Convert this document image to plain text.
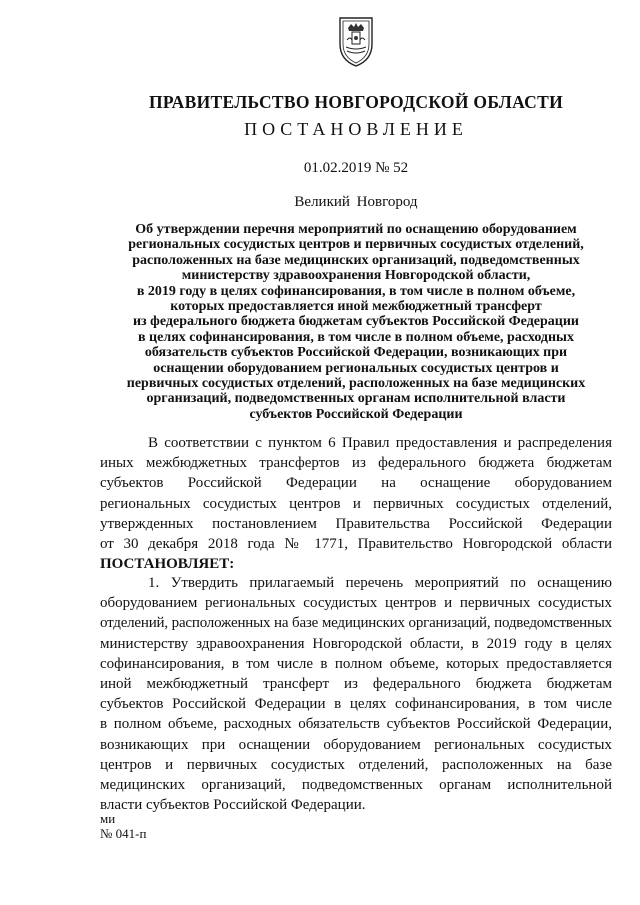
ПРАВИТЕЛЬСТВО НОВГОРОДСКОЙ ОБЛАСТИ
ПОСТАНОВЛЕНИЕ
01.02.2019 № 52
Великий Новгород
Об утверждении перечня мероприятий по оснащению оборудованием
региональных сосудистых центров и первичных сосудистых отделений,
расположенных на базе медицинских организаций, подведомственных
министерству здравоохранения Новгородской области,
в 2019 году в целях софинансирования, в том числе в полном объеме,
которых предоставляется иной межбюджетный трансферт
из федерального бюджета бюджетам субъектов Российской Федерации
в целях софинансирования, в том числе в полном объеме, расходных
обязательств субъектов Российской Федерации, возникающих при
оснащении оборудованием региональных сосудистых центров и
первичных сосудистых отделений, расположенных на базе медицинских
организаций, подведомственных органам исполнительной власти
субъектов Российской Федерации
В соответствии с пунктом 6 Правил предоставления и распределения
иных межбюджетных трансфертов из федерального бюджета бюджетам
субъектов Российской Федерации на оснащение оборудованием
региональных сосудистых центров и первичных сосудистых отделений,
утвержденных постановлением Правительства Российской Федерации
от 30 декабря 2018 года № 1771, Правительство Новгородской области
ПОСТАНОВЛЯЕТ:
1. Утвердить прилагаемый перечень мероприятий по оснащению
оборудованием региональных сосудистых центров и первичных сосудистых
отделений, расположенных на базе медицинских организаций, подведомственных
министерству здравоохранения Новгородской области, в 2019 году в целях
софинансирования, в том числе в полном объеме, которых предоставляется
иной межбюджетный трансферт из федерального бюджета бюджетам
субъектов Российской Федерации в целях софинансирования, в том числе
в полном объеме, расходных обязательств субъектов Российской Федерации,
возникающих при оснащении оборудованием региональных сосудистых
центров и первичных сосудистых отделений, расположенных на базе
медицинских организаций, подведомственных органам исполнительной
власти субъектов Российской Федерации.
ми
№ 041-п
